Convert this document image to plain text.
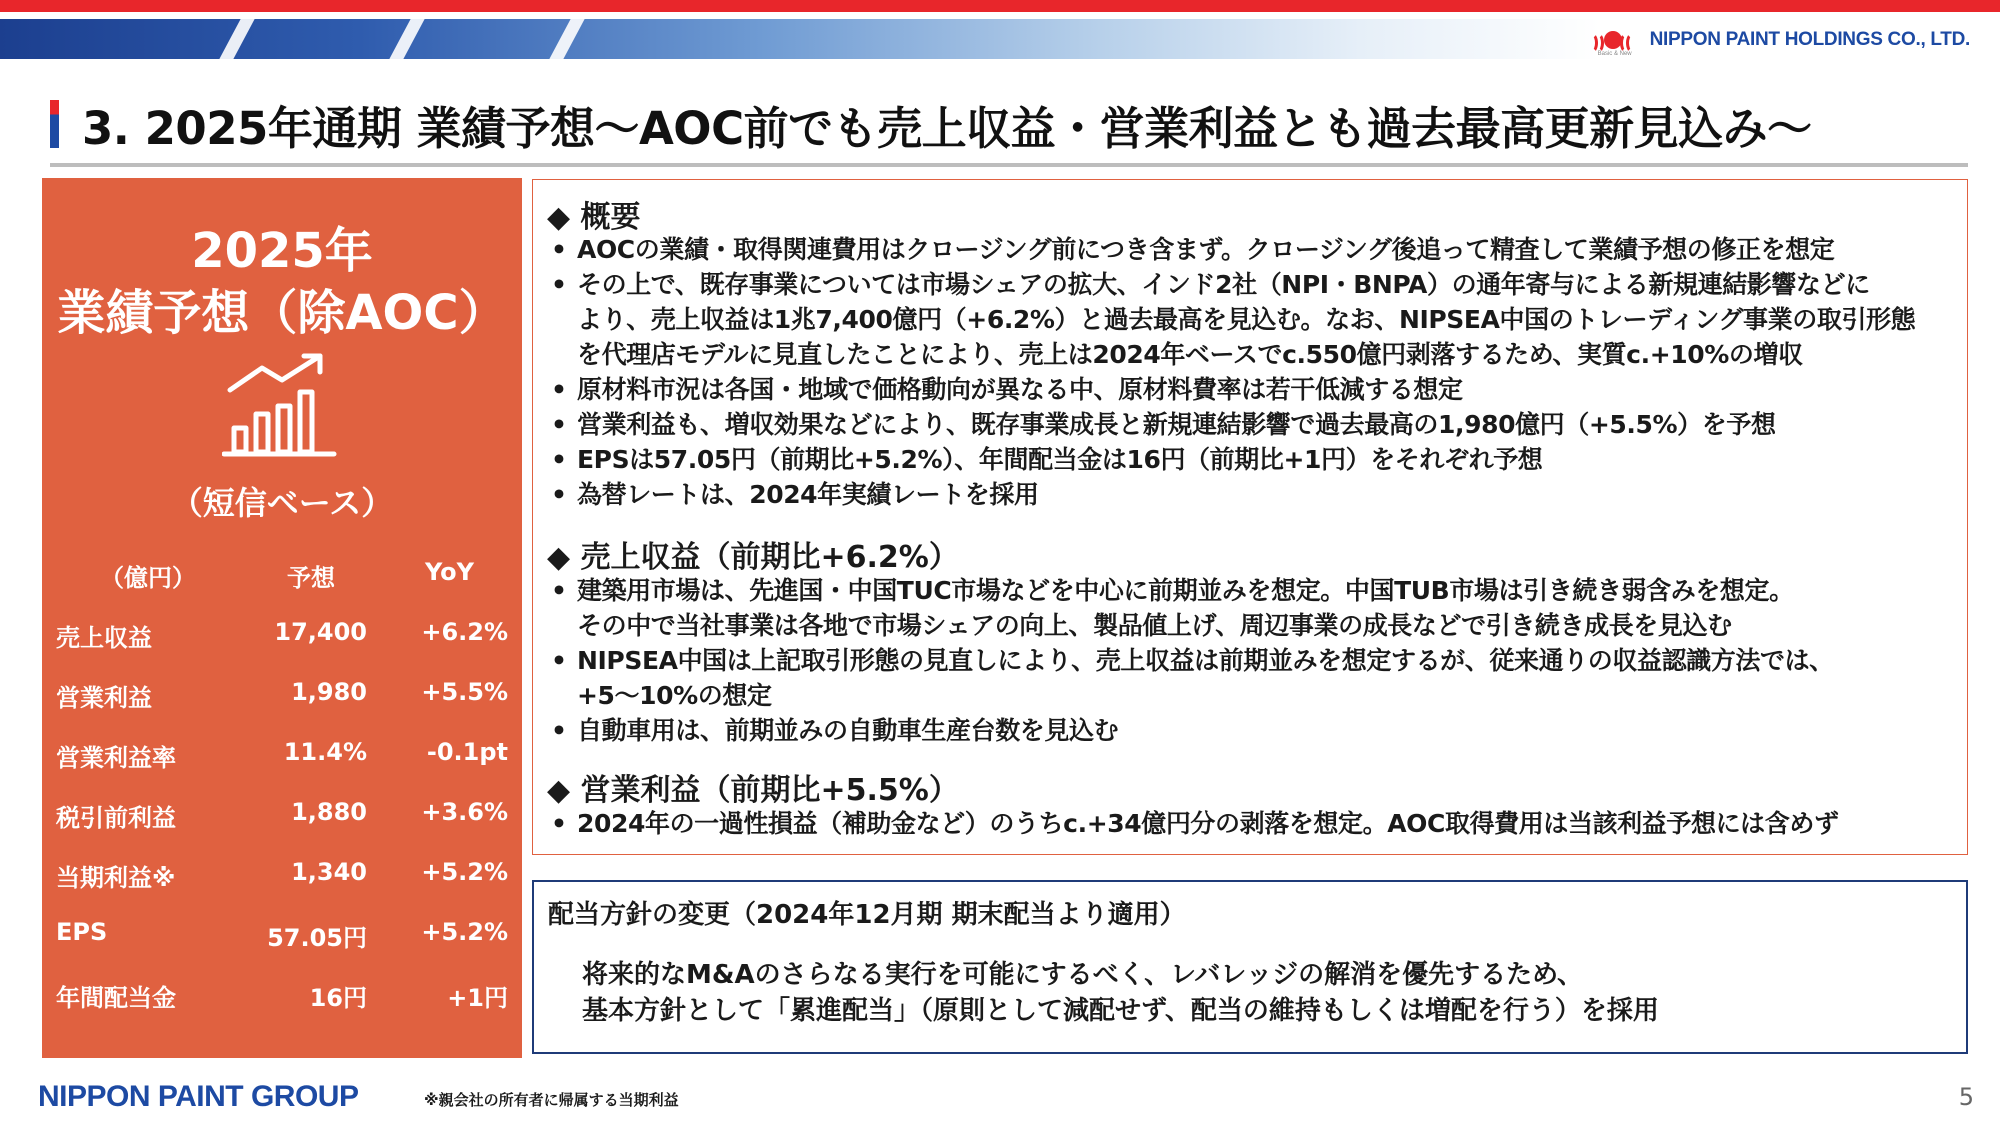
Basic & New
NIPPON PAINT HOLDINGS CO., LTD.
3. 2025年通期 業績予想～AOC前でも売上収益・営業利益とも過去最高更新見込み～
2025年
業績予想（除AOC）
（短信ベース）
（億円）	予想	YoY
売上収益	17,400 +6.2%
営業利益	1,980 +5.5%
営業利益率	11.4% -0.1pt
税引前利益	1,880 +3.6%
当期利益※	1,340 +5.2%
EPS	57.05円 +5.2%
年間配当金	16円	+1円
◆ 概要
• AOCの業績・取得関連費用はクロージング前につき含まず。クロージング後追って精査して業績予想の修正を想定
• その上で、既存事業については市場シェアの拡大、インド2社（NPI・BNPA）の通年寄与による新規連結影響などに
より、売上収益は1兆7,400億円（+6.2%）と過去最高を見込む。なお、NIPSEA中国のトレーディング事業の取引形態
を代理店モデルに見直したことにより、売上は2024年ベースでc.550億円剥落するため、実質c.+10%の増収
• 原材料市況は各国・地域で価格動向が異なる中、原材料費率は若干低減する想定
• 営業利益も、増収効果などにより、既存事業成長と新規連結影響で過去最高の1,980億円（+5.5%）を予想
• EPSは57.05円（前期比+5.2%）、年間配当金は16円（前期比+1円）をそれぞれ予想
• 為替レートは、2024年実績レートを採用
◆ 売上収益（前期比+6.2%）
• 建築用市場は、先進国・中国TUC市場などを中心に前期並みを想定。中国TUB市場は引き続き弱含みを想定。
その中で当社事業は各地で市場シェアの向上、製品値上げ、周辺事業の成長などで引き続き成長を見込む
• NIPSEA中国は上記取引形態の見直しにより、売上収益は前期並みを想定するが、従来通りの収益認識方法では、
+5～10%の想定
• 自動車用は、前期並みの自動車生産台数を見込む
◆ 営業利益（前期比+5.5%）
• 2024年の一過性損益（補助金など）のうちc.+34億円分の剥落を想定。AOC取得費用は当該利益予想には含めず
配当方針の変更（2024年12月期 期末配当より適用）
将来的なM&Aのさらなる実行を可能にするべく、レバレッジの解消を優先するため、
基本方針として「累進配当」（原則として減配せず、配当の維持もしくは増配を行う）を採用
NIPPON PAINT GROUP	※親会社の所有者に帰属する当期利益	5
